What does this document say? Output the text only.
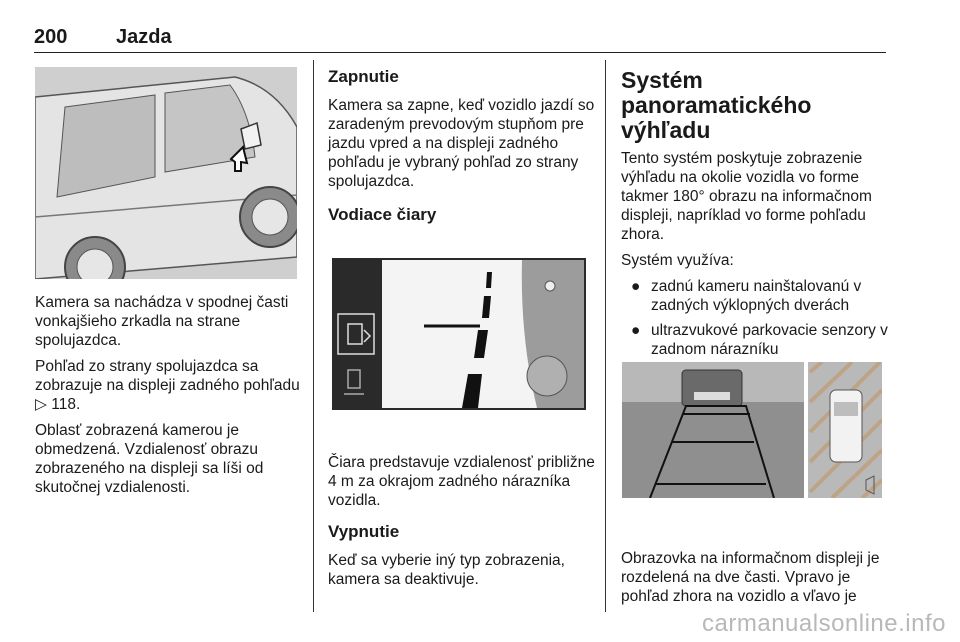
200 Jazda

Kamera sa nachádza v spodnej časti vonkajšieho zrkadla na strane spolujazdca.

Pohľad zo strany spolujazdca sa zobrazuje na displeji zadného pohľadu ▷ 118.

Oblasť zobrazená kamerou je obmedzená. Vzdialenosť obrazu zobrazeného na displeji sa líši od skutočnej vzdialenosti.

Zapnutie

Kamera sa zapne, keď vozidlo jazdí so zaradeným prevodovým stupňom pre jazdu vpred a na displeji zadného pohľadu je vybraný pohľad zo strany spolujazdca.

Vodiace čiary

Čiara predstavuje vzdialenosť približne 4 m za okrajom zadného nárazníka vozidla.

Vypnutie

Keď sa vyberie iný typ zobrazenia, kamera sa deaktivuje.

Systém panoramatického výhľadu

Tento systém poskytuje zobrazenie výhľadu na okolie vozidla vo forme takmer 180° obrazu na informačnom displeji, napríklad vo forme pohľadu zhora.

Systém využíva:

● zadnú kameru nainštalovanú v zadných výklopných dverách
● ultrazvukové parkovacie senzory v zadnom nárazníku

Obrazovka na informačnom displeji je rozdelená na dve časti. Vpravo je pohľad zhora na vozidlo a vľavo je

carmanualsonline.info
